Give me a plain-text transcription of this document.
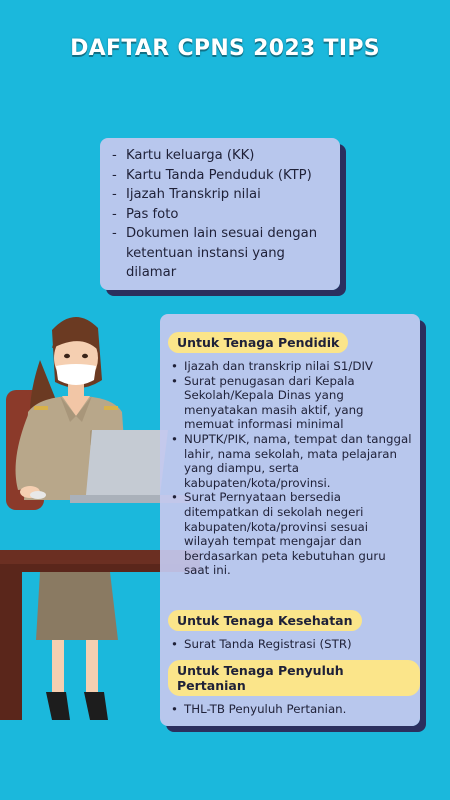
DAFTAR CPNS 2023 TIPS
- Kartu keluarga (KK)
- Kartu Tanda Penduduk (KTP)
- Ijazah Transkrip nilai
- Pas foto
- Dokumen lain sesuai dengan ketentuan instansi yang dilamar
Untuk Tenaga Pendidik
• Ijazah dan transkrip nilai S1/DIV
• Surat penugasan dari Kepala Sekolah/Kepala Dinas yang menyatakan masih aktif, yang memuat informasi minimal
• NUPTK/PIK, nama, tempat dan tanggal lahir, nama sekolah, mata pelajaran yang diampu, serta kabupaten/kota/provinsi.
• Surat Pernyataan bersedia ditempatkan di sekolah negeri kabupaten/kota/provinsi sesuai wilayah tempat mengajar dan berdasarkan peta kebutuhan guru saat ini.
Untuk Tenaga Kesehatan
• Surat Tanda Registrasi (STR)
Untuk Tenaga Penyuluh Pertanian
• THL-TB Penyuluh Pertanian.
